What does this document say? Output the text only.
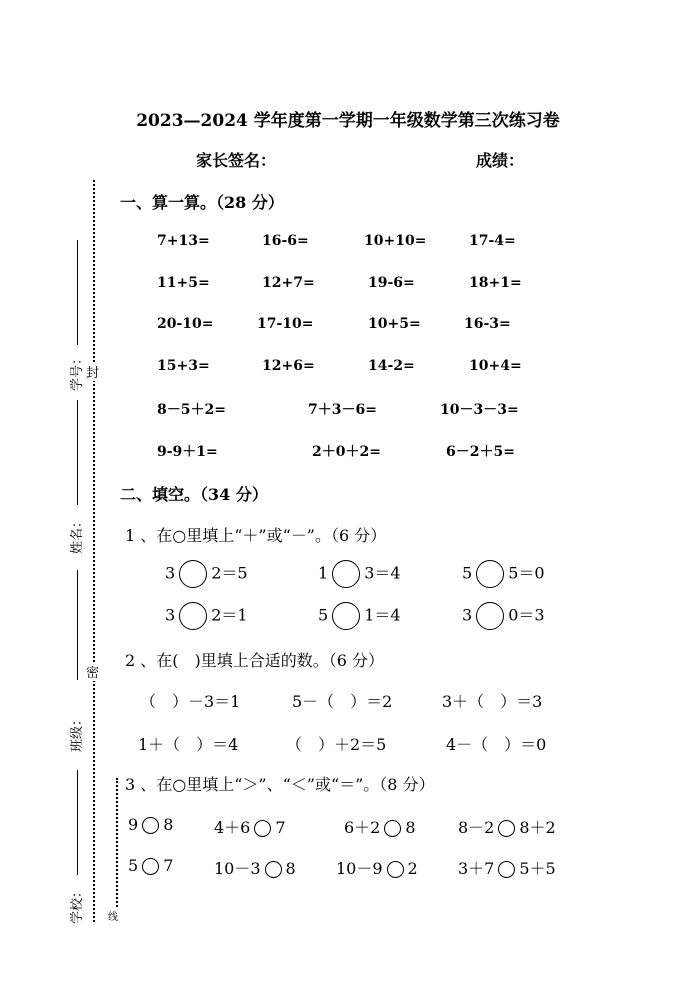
2023—2024 学年度第一学期一年级数学第三次练习卷
家长签名：	成绩：
学号： 封
姓名：
密
班级：
学校： 线
一、算一算。（28 分）
7+13=	16-6=	10+10=	17-4=
11+5=	12+7=	19-6=	18+1=
20-10=	17-10=	10+5=	16-3=
15+3=	12+6=	14-2=	10+4=
8－5＋2=	7＋3－6=	10－3－3=
9-9＋1=	2＋0＋2=	6－2＋5=
二、填空。（34 分）
1 、在○里填上“＋”或“－”。（6 分）
3 2＝5	1 3＝4	5 5＝0
3 2＝1	5 1＝4	3 0＝3
2 、在(　)里填上合适的数。（6 分）
（　）－3＝1	5－（　）＝2	3＋（　）＝3
1＋（　）＝4	（　）＋2＝5	4－（　）＝0
3 、在○里填上“＞”、“＜”或“＝”。（8 分）
9 8	4＋6 7	6＋2 8	8－2 8＋2
5 7	10－3 8	10－9 2	3＋7 5＋5
